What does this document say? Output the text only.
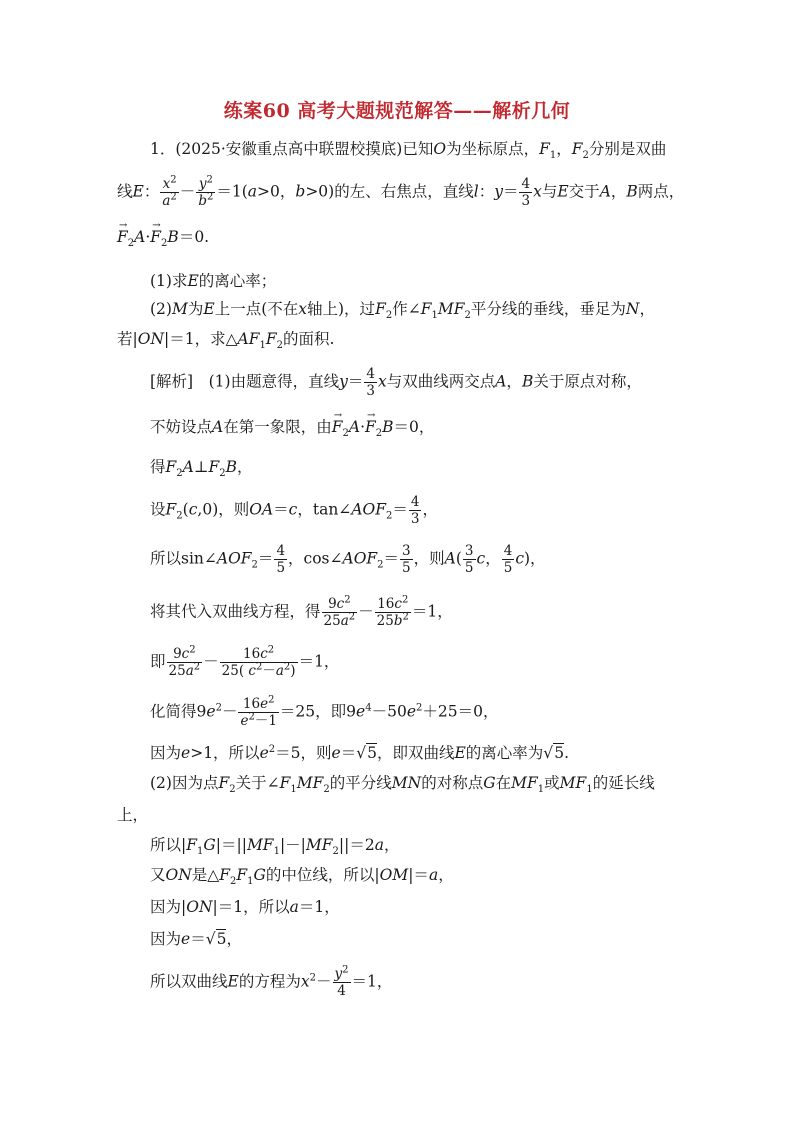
练案60 高考大题规范解答——解析几何
1．(2025·安徽重点高中联盟校摸底)已知O为坐标原点，$F_1$，$F_2$分别是双曲
线E： $\frac{x^2}{a^2} - \frac{y^2}{b^2} =1(a>0$，b>0)的左、右焦点，直线l：$y= \frac{4}{3}$ x与E交于A，B两点，
→ $F_2A\cdot\to F_2B=0$.
(1)求E的离心率；
(2)M为E上一点(不在x轴上)，过$F_2$作$\angle F_1MF_2$平分线的垂线，垂足为N，
若|ON|＝1，求$\triangle AF_1F_2$的面积.
[解析]　(1)由题意得，直线$y= \frac{4}{3}$ x与双曲线两交点A，B关于原点对称，
不妨设点A在第一象限，由→ $F_2A\cdot\to F_2B=0$，
得$F_2A\perp F_2B$，
设$F_2(c,0)$，则OA＝c，$\tan\angle AOF_2= \frac{4}{3}$ ，
所以$\sin\angle AOF_2= \frac{4}{5}$ ，$\cos\angle AOF_2= \frac{3}{5}$ ，则$A( \frac{3}{5}$ c， $\frac{4}{5} c$)，
将其代入双曲线方程，得 $\frac{9c^2}{25a^2} - \frac{16c^2}{25b^2} =1$，
即 $\frac{9c^2}{25a^2} - \frac{16c^2}{25( c^2-a^2)} =1$，
化简得$9e^2- \frac{16e^2}{e^2-1} =25$，即$9e^4-50e^2+25=0$，
因为e>1，所以$e^2=5$，则e＝√5，即双曲线E的离心率为√5.
(2)因为点$F_2$关于$\angle F_1MF_2$的平分线MN的对称点G在$MF_1$或$MF_1$的延长线
上，
所以$|F_1G|=||MF_1|-|MF_2||=2a$，
又ON是$\triangle F_2F_1G$的中位线，所以|OM|＝a，
因为|ON|＝1，所以a＝1，
因为e＝√5，
所以双曲线E的方程为$x^2- \frac{y^2}{4} =1$，
